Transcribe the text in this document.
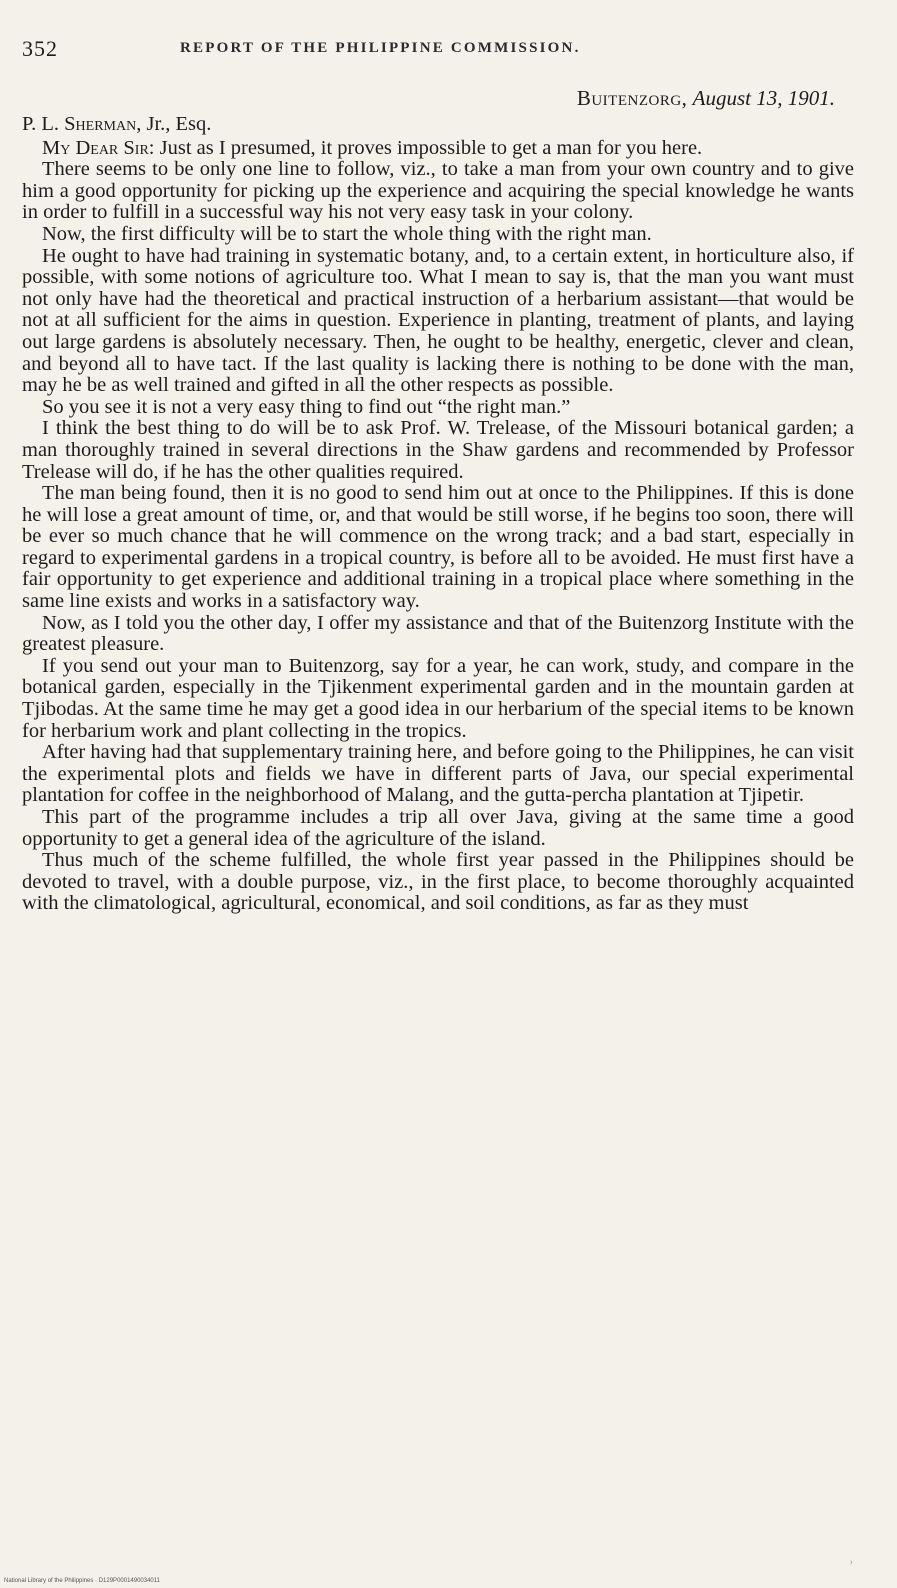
352	REPORT OF THE PHILIPPINE COMMISSION.
Buitenzorg, August 13, 1901.

P. L. Sherman, Jr., Esq.

My Dear Sir: Just as I presumed, it proves impossible to get a man for you here.

There seems to be only one line to follow, viz., to take a man from your own country and to give him a good opportunity for picking up the experience and acquiring the special knowledge he wants in order to fulfill in a successful way his not very easy task in your colony.

Now, the first difficulty will be to start the whole thing with the right man.

He ought to have had training in systematic botany, and, to a certain extent, in horticulture also, if possible, with some notions of agriculture too. What I mean to say is, that the man you want must not only have had the theoretical and practical instruction of a herbarium assistant—that would be not at all sufficient for the aims in question. Experience in planting, treatment of plants, and laying out large gardens is absolutely necessary. Then, he ought to be healthy, energetic, clever and clean, and beyond all to have tact. If the last quality is lacking there is nothing to be done with the man, may he be as well trained and gifted in all the other respects as possible.

So you see it is not a very easy thing to find out “the right man.”

I think the best thing to do will be to ask Prof. W. Trelease, of the Missouri botanical garden; a man thoroughly trained in several directions in the Shaw gardens and recommended by Professor Trelease will do, if he has the other qualities required.

The man being found, then it is no good to send him out at once to the Philippines. If this is done he will lose a great amount of time, or, and that would be still worse, if he begins too soon, there will be ever so much chance that he will commence on the wrong track; and a bad start, especially in regard to experimental gardens in a tropical country, is before all to be avoided. He must first have a fair opportunity to get experience and additional training in a tropical place where something in the same line exists and works in a satisfactory way.

Now, as I told you the other day, I offer my assistance and that of the Buitenzorg Institute with the greatest pleasure.

If you send out your man to Buitenzorg, say for a year, he can work, study, and compare in the botanical garden, especially in the Tjikenment experimental garden and in the mountain garden at Tjibodas. At the same time he may get a good idea in our herbarium of the special items to be known for herbarium work and plant collecting in the tropics.

After having had that supplementary training here, and before going to the Philippines, he can visit the experimental plots and fields we have in different parts of Java, our special experimental plantation for coffee in the neighborhood of Malang, and the gutta-percha plantation at Tjipetir.

This part of the programme includes a trip all over Java, giving at the same time a good opportunity to get a general idea of the agriculture of the island.

Thus much of the scheme fulfilled, the whole first year passed in the Philippines should be devoted to travel, with a double purpose, viz., in the first place, to become thoroughly acquainted with the climatological, agricultural, economical, and soil conditions, as far as they must

National Library of the Philippines · D129P0001490034011
›
